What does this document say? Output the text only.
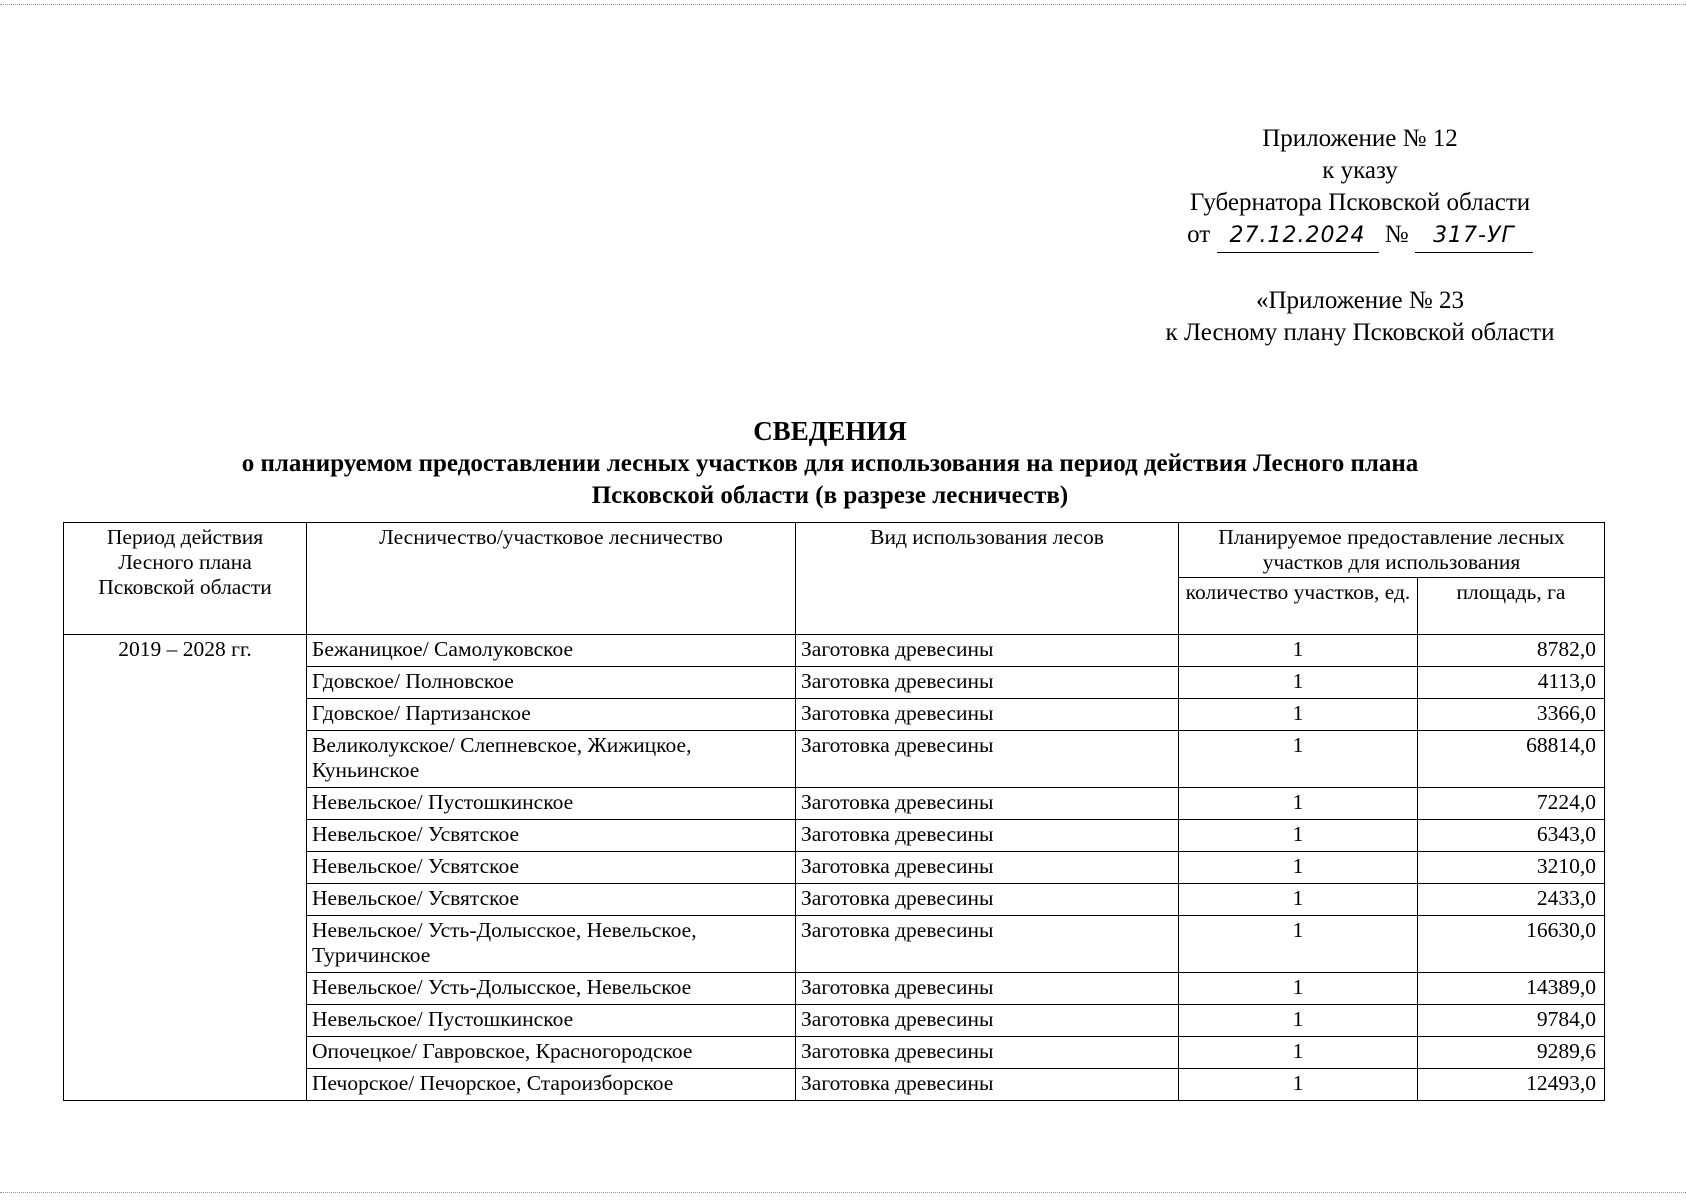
Приложение № 12
к указу
Губернатора Псковской области
от 27.12.2024 № 317-УГ
«Приложение № 23
к Лесному плану Псковской области
СВЕДЕНИЯ
о планируемом предоставлении лесных участков для использования на период действия Лесного плана
Псковской области (в разрезе лесничеств)
Период действия Лесного плана Псковской области	Лесничество/участковое лесничество	Вид использования лесов	Планируемое предоставление лесных участков для использования	
			количество участков, ед.	площадь, га
2019 – 2028 гг.	Бежаницкое/ Самолуковское	Заготовка древесины	1	8782,0
	Гдовское/ Полновское	Заготовка древесины	1	4113,0
	Гдовское/ Партизанское	Заготовка древесины	1	3366,0
	Великолукское/ Слепневское, Жижицкое, Куньинское	Заготовка древесины	1	68814,0
	Невельское/ Пустошкинское	Заготовка древесины	1	7224,0
	Невельское/ Усвятское	Заготовка древесины	1	6343,0
	Невельское/ Усвятское	Заготовка древесины	1	3210,0
	Невельское/ Усвятское	Заготовка древесины	1	2433,0
	Невельское/ Усть-Долысское, Невельское, Туричинское	Заготовка древесины	1	16630,0
	Невельское/ Усть-Долысское, Невельское	Заготовка древесины	1	14389,0
	Невельское/ Пустошкинское	Заготовка древесины	1	9784,0
	Опочецкое/ Гавровское, Красногородское	Заготовка древесины	1	9289,6
	Печорское/ Печорское, Староизборское	Заготовка древесины	1	12493,0
